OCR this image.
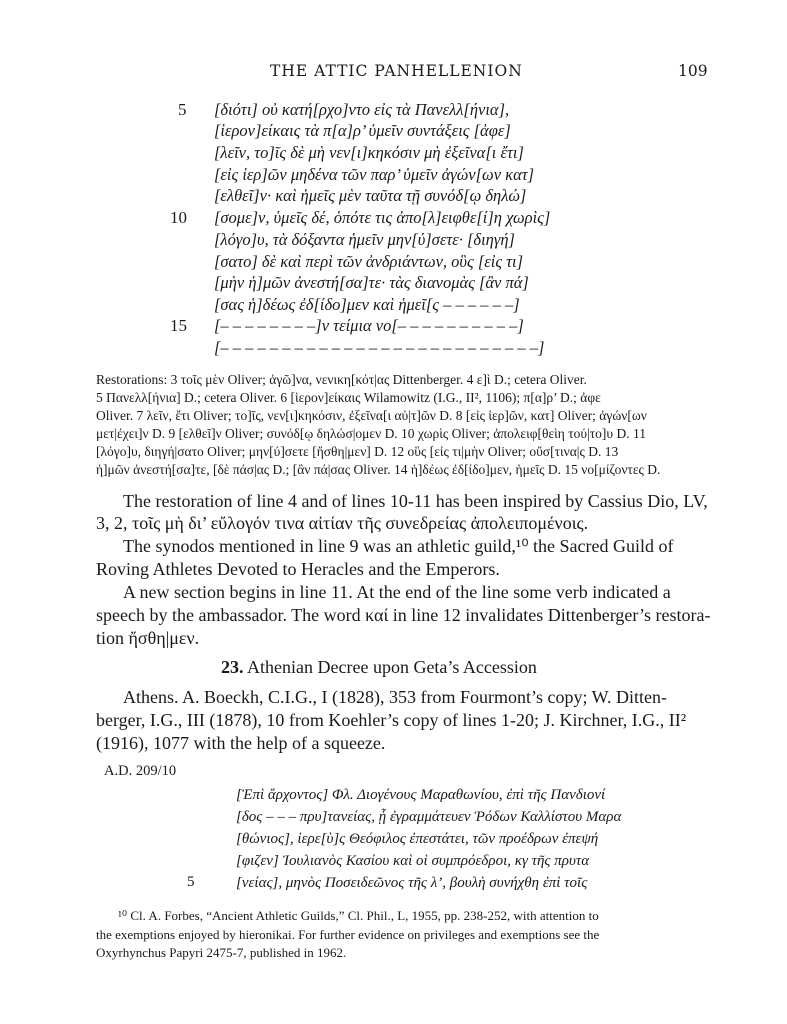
THE ATTIC PANHELLENION	109
5 [διότι] οὐ κατή[ρχο]ντο εἰς τὰ Πανελλ[ήνια],
[ἱερον]είκαις τὰ π[α]ρ’ ὑμεῖν συντάξεις [ἀφε]
[λεῖν, το]ῖς δὲ μὴ νεν[ι]κηκόσιν μὴ ἐξεῖνα[ι ἔτι]
[εἰς ἱερ]ῶν μηδένα τῶν παρ’ ὑμεῖν ἀγών[ων κατ]
[ελθεῖ]ν· καὶ ἡμεῖς μὲν ταῦτα τῇ συνόδ[ῳ δηλώ]
10 [σομε]ν, ὑμεῖς δέ, ὁπότε τις ἀπο[λ]ειφθε[ί]η χωρὶς]
[λόγο]υ, τὰ δόξαντα ἡμεῖν μην[ύ]σετε· [διηγή]
[σατο] δὲ καὶ περὶ τῶν ἀνδριάντων, οὓς [εἰς τι]
[μὴν ἡ]μῶν ἀνεστή[σα]τε· τὰς διανομὰς [ἂν πά]
[σας ἡ]δέως ἐδ[ίδο]μεν καὶ ἡμεῖ[ς – – – – – –]
15 [– – – – – – – –]ν τείμια νο[– – – – – – – – – –]
[– – – – – – – – – – – – – – – – – – – – – – – – – –]
Restorations: 3 τοῖς μὲν Oliver; ἀγῶ]να, νενικη[κότ|ας Dittenberger. 4 ε]ὶ D.; cetera Oliver.
5 Πανελλ[ήνια] D.; cetera Oliver. 6 [ἱερον]είκαις Wilamowitz (I.G., II², 1106); π[α]ρ’ D.; ἀφε
Oliver. 7 λεῖν, ἔτι Oliver; το]ῖς, νεν[ι]κηκόσιν, ἐξεῖνα[ι αὐ|τ]ῶν D. 8 [εἰς ἱερ]ῶν, κατ] Oliver; ἀγών[ων
μετ|έχει]ν D. 9 [ελθεῖ]ν Oliver; συνόδ[ῳ δηλώσ|ομεν D. 10 χωρὶς Oliver; ἀπολειφ[θεὶη τού|το]υ D. 11
[λόγο]υ, διηγή|σατο Oliver; μην[ύ]σετε [ἤσθη|μεν] D. 12 οὓς [εἰς τι|μὴν Oliver; οὔσ[τινα|ς D. 13
ἡ]μῶν ἀνεστή[σα]τε, [δὲ πάσ|ας D.; [ἂν πά|σας Oliver. 14 ἡ]δέως ἐδ[ίδο]μεν, ἡμεῖς D. 15 νο[μίζοντες D.
The restoration of line 4 and of lines 10-11 has been inspired by Cassius Dio, LV,
3, 2, τοῖς μὴ δι’ εὔλογόν τινα αἰτίαν τῆς συνεδρείας ἀπολειπομένοις.
The synodos mentioned in line 9 was an athletic guild,¹⁰ the Sacred Guild of
Roving Athletes Devoted to Heracles and the Emperors.
A new section begins in line 11. At the end of the line some verb indicated a
speech by the ambassador. The word καί in line 12 invalidates Dittenberger’s restora-
tion ἤσθη|μεν.
23. Athenian Decree upon Geta’s Accession
Athens. A. Boeckh, C.I.G., I (1828), 353 from Fourmont’s copy; W. Ditten-
berger, I.G., III (1878), 10 from Koehler’s copy of lines 1-20; J. Kirchner, I.G., II²
(1916), 1077 with the help of a squeeze.
A.D. 209/10
[Ἐπὶ ἄρχοντος] Φλ. Διογένους Μαραθωνίου, ἐπὶ τῆς Πανδιονί
[δος – – – πρυ]τανείας, ᾗ ἐγραμμάτευεν Ῥόδων Καλλίστου Μαρα
[θώνιος], ἱερε[ὺ]ς Θεόφιλος ἐπεστάτει, τῶν προέδρων ἐπεψή
[φιζεν] Ἰουλιανὸς Κασίου καὶ οἱ συμπρόεδροι, κγ τῆς πρυτα
5	[νείας], μηνὸς Ποσειδεῶνος τῆς λ’, βουλὴ συνήχθη ἐπὶ τοῖς
¹⁰ Cl. A. Forbes, “Ancient Athletic Guilds,” Cl. Phil., L, 1955, pp. 238-252, with attention to
the exemptions enjoyed by hieronikai. For further evidence on privileges and exemptions see the
Oxyrhynchus Papyri 2475-7, published in 1962.
